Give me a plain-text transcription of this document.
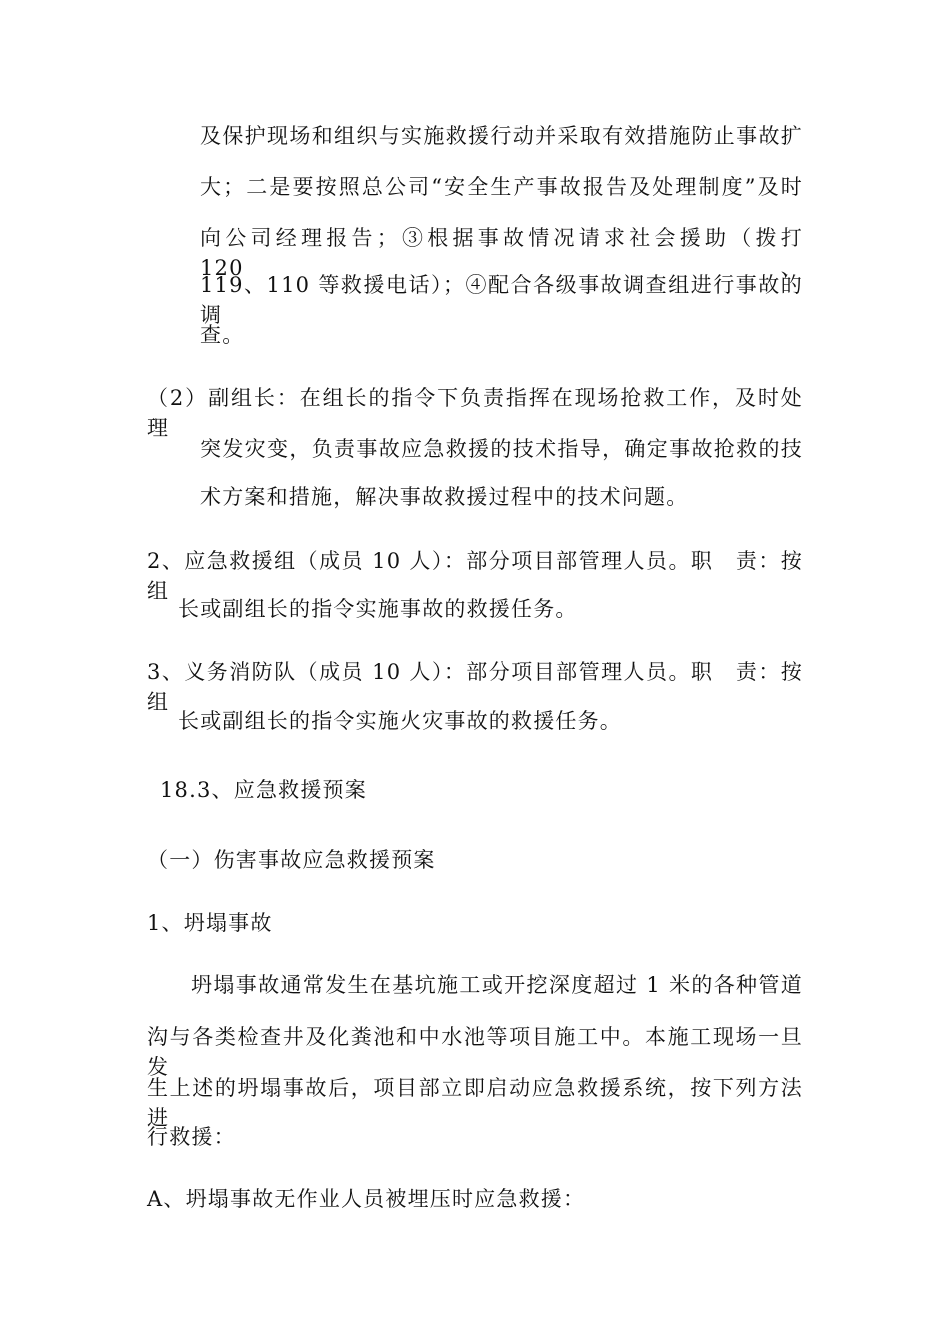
及保护现场和组织与实施救援行动并采取有效措施防止事故扩
大；二是要按照总公司“安全生产事故报告及处理制度”及时
向公司经理报告；③根据事故情况请求社会援助（拨打 120、
119、110 等救援电话）；④配合各级事故调查组进行事故的调
查。
（2）副组长：在组长的指令下负责指挥在现场抢救工作，及时处理
突发灾变，负责事故应急救援的技术指导，确定事故抢救的技
术方案和措施，解决事故救援过程中的技术问题。
2、应急救援组（成员 10 人）：部分项目部管理人员。职　责：按组
长或副组长的指令实施事故的救援任务。
3、义务消防队（成员 10 人）：部分项目部管理人员。职　责：按组
长或副组长的指令实施火灾事故的救援任务。
18.3、应急救援预案
（一）伤害事故应急救援预案
1、坍塌事故
坍塌事故通常发生在基坑施工或开挖深度超过 1 米的各种管道
沟与各类检查井及化粪池和中水池等项目施工中。本施工现场一旦发
生上述的坍塌事故后，项目部立即启动应急救援系统，按下列方法进
行救援：
A、坍塌事故无作业人员被埋压时应急救援：
